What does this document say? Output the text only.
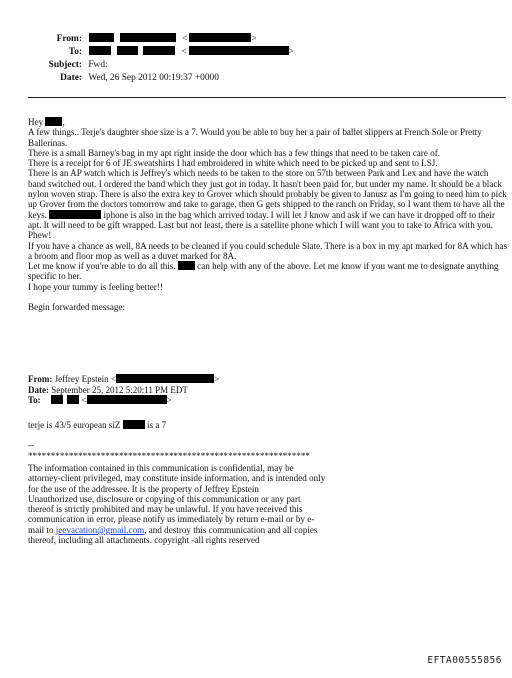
From:	<	>
To:	<	>
Subject: Fwd:
Date: Wed, 26 Sep 2012 00:19:37 +0000

Hey ,

A few things.. Terje's daughter shoe size is a 7. Would you be able to buy her a pair of ballet slippers at French Sole or Pretty Ballerinas.

There is a small Barney's bag in my apt right inside the door which has a few things that need to be taken care of.

There is a receipt for 6 of JE sweatshirts I had embroidered in white which need to be picked up and sent to LSJ.

There is an AP watch which is Jeffrey's which needs to be taken to the store on 57th between Park and Lex and have the watch band switched out. I ordered the band which they just got in today. It hasn't been paid for, but under my name. It should be a black nylon woven strap. There is also the extra key to Grover which should probably be given to Janusz as I'm going to need him to pick up Grover from the doctors tomorrow and take to garage, then G gets shipped to the ranch on Friday, so I want them to have all the keys.	iphone is also in the bag which arrived today. I will let J know and ask if we can have it dropped off to their apt. It will need to be gift wrapped. Last but not least, there is a satellite phone which I will want you to take to Africa with you.

Phew!

If you have a chance as well, 8A needs to be cleaned if you could schedule Slate. There is a box in my apt marked for 8A which has a broom and floor mop as well as a duvet marked for 8A.

Let me know if you're able to do all this. can help with any of the above. Let me know if you want me to designate anything specific to her.

I hope your tummy is feeling better!!

Begin forwarded message:

From: Jeffrey Epstein <	>
Date: September 25, 2012 5:20:11 PM EDT
To:	<	>

terje is 43/5 european siZ	is a 7

--

**************************************************************

The information contained in this communication is confidential, may be attorney-client privileged, may constitute inside information, and is intended only for the use of the addressee. It is the property of Jeffrey Epstein

Unauthorized use, disclosure or copying of this communication or any part thereof is strictly prohibited and may be unlawful. If you have received this communication in error, please notify us immediately by return e-mail or by e-mail to jeevacation@gmail.com, and destroy this communication and all copies thereof, including all attachments. copyright -all rights reserved

EFTA00555856
